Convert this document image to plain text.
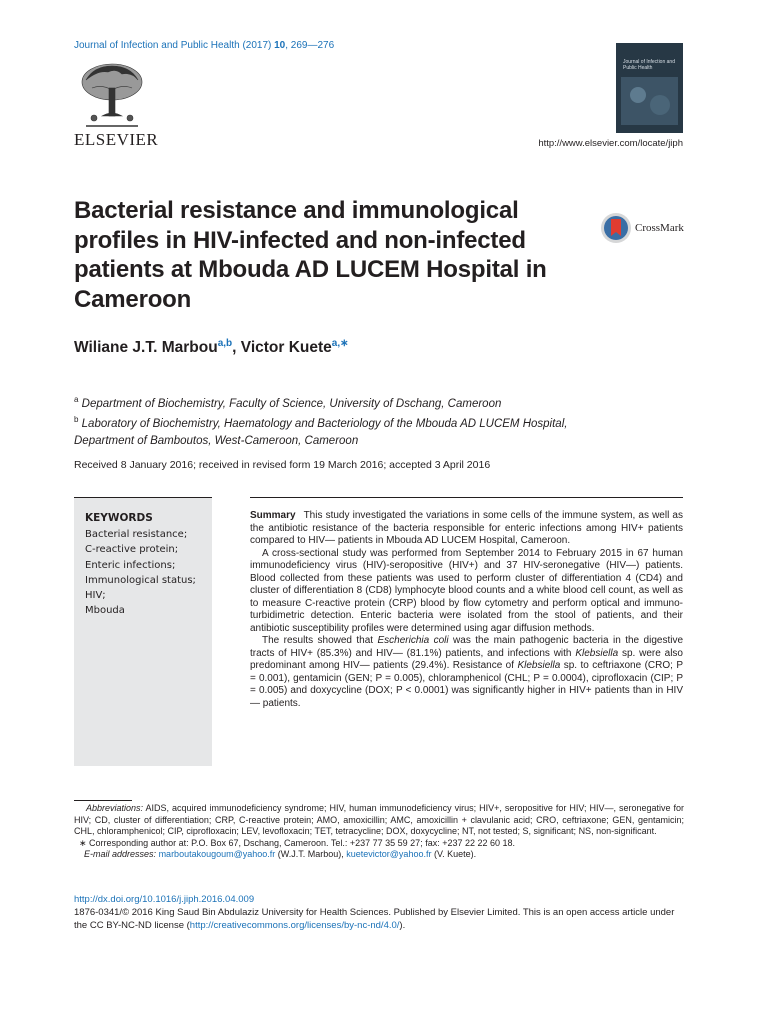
Journal of Infection and Public Health (2017) 10, 269—276
ELSEVIER
Journal of Infection and Public Health
http://www.elsevier.com/locate/jiph
Bacterial resistance and immunological profiles in HIV-infected and non-infected patients at Mbouda AD LUCEM Hospital in Cameroon
CrossMark
Wiliane J.T. Marbou$^{a,b}$, Victor Kuete$^{a,∗}$
$^a$ Department of Biochemistry, Faculty of Science, University of Dschang, Cameroon
$^b$ Laboratory of Biochemistry, Haematology and Bacteriology of the Mbouda AD LUCEM Hospital, Department of Bamboutos, West-Cameroon, Cameroon
Received 8 January 2016; received in revised form 19 March 2016; accepted 3 April 2016
KEYWORDS
Bacterial resistance;
C-reactive protein;
Enteric infections;
Immunological status;
HIV;
Mbouda

Summary This study investigated the variations in some cells of the immune system, as well as the antibiotic resistance of the bacteria responsible for enteric infections among HIV+ patients compared to HIV— patients in Mbouda AD LUCEM Hospital, Cameroon.

A cross-sectional study was performed from September 2014 to February 2015 in 67 human immunodeficiency virus (HIV)-seropositive (HIV+) and 37 HIV-seronegative (HIV—) patients. Blood collected from these patients was used to perform cluster of differentiation 4 (CD4) and cluster of differentiation 8 (CD8) lymphocyte blood counts and a white blood cell count, as well as to measure C-reactive protein (CRP) blood by flow cytometry and perform optical and immuno-turbidimetric detection. Enteric bacteria were isolated from the stool of patients, and their antibiotic susceptibility profiles were determined using agar diffusion methods.

The results showed that Escherichia coli was the main pathogenic bacteria in the digestive tracts of HIV+ (85.3%) and HIV— (81.1%) patients, and infections with Klebsiella sp. were also predominant among HIV— patients (29.4%). Resistance of Klebsiella sp. to ceftriaxone (CRO; P = 0.001), gentamicin (GEN; P = 0.005), chloramphenicol (CHL; P = 0.0004), ciprofloxacin (CIP; P = 0.005) and doxycycline (DOX; P < 0.0001) was significantly higher in HIV+ patients than in HIV— patients.

Abbreviations: AIDS, acquired immunodeficiency syndrome; HIV, human immunodeficiency virus; HIV+, seropositive for HIV; HIV—, seronegative for HIV; CD, cluster of differentiation; CRP, C-reactive protein; AMO, amoxicillin; AMC, amoxicillin + clavulanic acid; CRO, ceftriaxone; GEN, gentamicin; CHL, chloramphenicol; CIP, ciprofloxacin; LEV, levofloxacin; TET, tetracycline; DOX, doxycycline; NT, not tested; S, significant; NS, non-significant.

∗ Corresponding author at: P.O. Box 67, Dschang, Cameroon. Tel.: +237 77 35 59 27; fax: +237 22 22 60 18.

E-mail addresses: marboutakougoum@yahoo.fr (W.J.T. Marbou), kuetevictor@yahoo.fr (V. Kuete).

http://dx.doi.org/10.1016/j.jiph.2016.04.009
1876-0341/© 2016 King Saud Bin Abdulaziz University for Health Sciences. Published by Elsevier Limited. This is an open access article under the CC BY-NC-ND license (http://creativecommons.org/licenses/by-nc-nd/4.0/).
